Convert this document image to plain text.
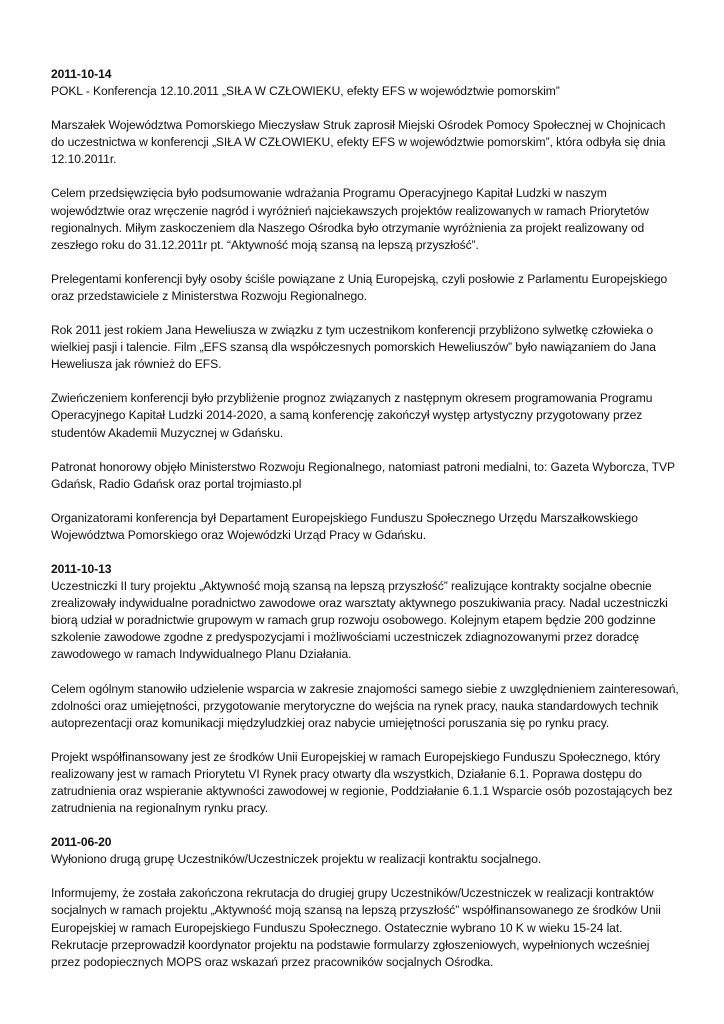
2011-10-14

POKL - Konferencja 12.10.2011 „SIŁA W CZŁOWIEKU, efekty EFS w województwie pomorskim”

Marszałek Województwa Pomorskiego Mieczysław Struk zaprosił Miejski Ośrodek Pomocy Społecznej w Chojnicach do uczestnictwa w konferencji „SIŁA W CZŁOWIEKU, efekty EFS w województwie pomorskim”, która odbyła się dnia 12.10.2011r.

Celem przedsięwzięcia było podsumowanie wdrażania Programu Operacyjnego Kapitał Ludzki w naszym województwie oraz wręczenie nagród i wyróżnień najciekawszych projektów realizowanych w ramach Priorytetów regionalnych. Miłym zaskoczeniem dla Naszego Ośrodka było otrzymanie wyróżnienia za projekt realizowany od zeszłego roku do 31.12.2011r pt. “Aktywność moją szansą na lepszą przyszłość”.

Prelegentami konferencji były osoby ściśle powiązane z Unią Europejską, czyli posłowie z Parlamentu Europejskiego oraz przedstawiciele z Ministerstwa Rozwoju Regionalnego.

Rok 2011 jest rokiem Jana Heweliusza w związku z tym uczestnikom konferencji przybliżono sylwetkę człowieka o wielkiej pasji i talencie. Film „EFS szansą dla współczesnych pomorskich Heweliuszów” było nawiązaniem do Jana Heweliusza jak również do EFS.

Zwieńczeniem konferencji było przybliżenie prognoz związanych z następnym okresem programowania Programu Operacyjnego Kapitał Ludzki 2014-2020, a samą konferencję zakończył występ artystyczny przygotowany przez studentów Akademii Muzycznej w Gdańsku.

Patronat honorowy objęło Ministerstwo Rozwoju Regionalnego, natomiast patroni medialni, to: Gazeta Wyborcza, TVP Gdańsk, Radio Gdańsk oraz portal trojmiasto.pl

Organizatorami konferencja był Departament Europejskiego Funduszu Społecznego Urzędu Marszałkowskiego Województwa Pomorskiego oraz Wojewódzki Urząd Pracy w Gdańsku.

2011-10-13

Uczestniczki II tury projektu „Aktywność moją szansą na lepszą przyszłość” realizujące kontrakty socjalne obecnie zrealizowały indywidualne poradnictwo zawodowe oraz warsztaty aktywnego poszukiwania pracy. Nadal uczestniczki biorą udział w poradnictwie grupowym w ramach grup rozwoju osobowego. Kolejnym etapem będzie 200 godzinne szkolenie zawodowe zgodne z predyspozycjami i możliwościami uczestniczek zdiagnozowanymi przez doradcę zawodowego w ramach Indywidualnego Planu Działania.

Celem ogólnym stanowiło udzielenie wsparcia w zakresie znajomości samego siebie z uwzględnieniem zainteresowań, zdolności oraz umiejętności, przygotowanie merytoryczne do wejścia na rynek pracy, nauka standardowych technik autoprezentacji oraz komunikacji międzyludzkiej oraz nabycie umiejętności poruszania się po rynku pracy.

Projekt współfinansowany jest ze środków Unii Europejskiej w ramach Europejskiego Funduszu Społecznego, który realizowany jest w ramach Priorytetu VI Rynek pracy otwarty dla wszystkich, Działanie 6.1. Poprawa dostępu do zatrudnienia oraz wspieranie aktywności zawodowej w regionie, Poddziałanie 6.1.1 Wsparcie osób pozostających bez zatrudnienia na regionalnym rynku pracy.

2011-06-20

Wyłoniono drugą grupę Uczestników/Uczestniczek projektu w realizacji kontraktu socjalnego.

Informujemy, że została zakończona rekrutacja do drugiej grupy Uczestników/Uczestniczek w realizacji kontraktów socjalnych w ramach projektu „Aktywność moją szansą na lepszą przyszłość” współfinansowanego ze środków Unii Europejskiej w ramach Europejskiego Funduszu Społecznego. Ostatecznie wybrano 10 K w wieku 15-24 lat. Rekrutacje przeprowadził koordynator projektu na podstawie formularzy zgłoszeniowych, wypełnionych wcześniej przez podopiecznych MOPS oraz wskazań przez pracowników socjalnych Ośrodka.
